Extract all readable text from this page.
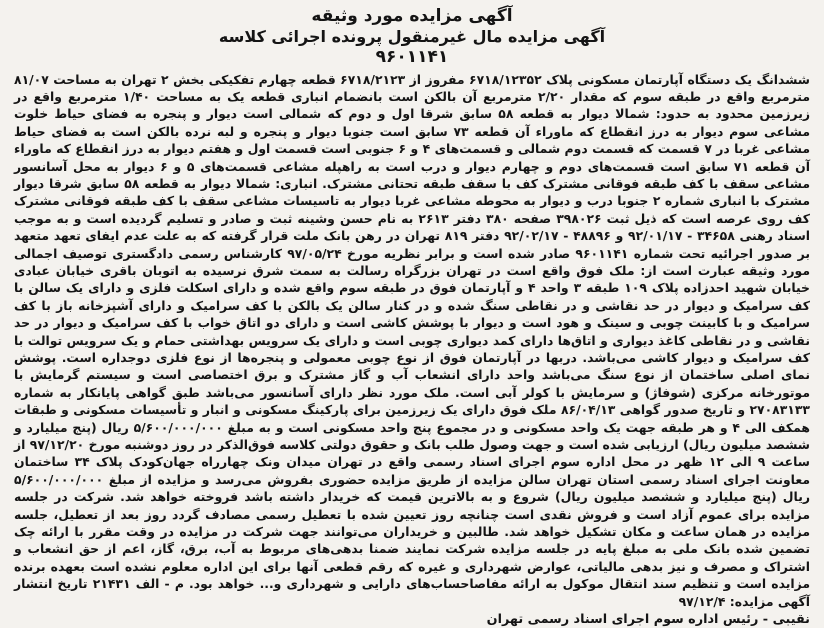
آگهی مزایده مورد وثیقه

آگهی مزایده مال غیرمنقول پرونده اجرائی کلاسه

۹۶۰۱۱۴۱

ششدانگ یک دستگاه آپارتمان مسکونی پلاک ۶۷۱۸/۱۲۳۵۲ مفروز از ۶۷۱۸/۲۱۲۳ قطعه چهارم تفکیکی بخش ۲ تهران به مساحت ۸۱/۰۷ مترمربع واقع در طبقه سوم که مقدار ۲/۲۰ مترمربع آن بالکن است بانضمام انباری قطعه یک به مساحت ۱/۴۰ مترمربع واقع در زیرزمین محدود به حدود: شمالا دیوار به قطعه ۵۸ سابق شرقا اول و دوم که شمالی است دیوار و پنجره به فضای حیاط خلوت مشاعی سوم دیوار به درز انقطاع که ماوراء آن قطعه ۷۳ سابق است جنوبا دیوار و پنجره و لبه نرده بالکن است به فضای حیاط مشاعی غربا در ۷ قسمت که قسمت دوم شمالی و قسمت‌های ۴ و ۶ جنوبی است قسمت اول و هفتم دیوار به درز انقطاع که ماوراء آن قطعه ۷۱ سابق است قسمت‌های دوم و چهارم دیوار و درب است به راهپله مشاعی قسمت‌های ۵ و ۶ دیوار به محل آسانسور مشاعی سقف با کف طبقه فوقانی مشترک کف با سقف طبقه تحتانی مشترک. انباری: شمالا دیوار به قطعه ۵۸ سابق شرقا دیوار مشترک با انباری شماره ۲ جنوبا درب و دیوار به محوطه مشاعی غربا دیوار به تاسیسات مشاعی سقف با کف طبقه فوقانی مشترک کف روی عرصه است که ذیل ثبت ۳۹۸۰۲۶ صفحه ۳۸۰ دفتر ۲۶۱۳ به نام حسن وشینه ثبت و صادر و تسلیم گردیده است و به موجب اسناد رهنی ۳۴۶۵۸ - ۹۲/۰۱/۱۷ و ۴۸۸۹۶ - ۹۲/۰۲/۱۷ دفتر ۸۱۹ تهران در رهن بانک ملت قرار گرفته که به علت عدم ایفای تعهد متعهد بر صدور اجرائیه تحت شماره ۹۶۰۱۱۴۱ صادر شده است و برابر نظریه مورخ ۹۷/۰۵/۲۴ کارشناس رسمی دادگستری توصیف اجمالی مورد وثیقه عبارت است از: ملک فوق واقع است در تهران بزرگراه رسالت به سمت شرق نرسیده به اتوبان باقری خیابان عبادی خیابان شهید احدزاده پلاک ۱۰۹ طبقه ۳ واحد ۴ و آپارتمان فوق در طبقه سوم واقع شده و دارای اسکلت فلزی و دارای یک سالن با کف سرامیک و دیوار در حد نقاشی و در نقاطی سنگ شده و در کنار سالن یک بالکن با کف سرامیک و دارای آشپزخانه باز با کف سرامیک و با کابینت چوبی و سینک و هود است و دیوار با پوشش کاشی است و دارای دو اتاق خواب با کف سرامیک و دیوار در حد نقاشی و در نقاطی کاغذ دیواری و اتاق‌ها دارای کمد دیواری چوبی است و دارای یک سرویس بهداشتی حمام و یک سرویس توالت با کف سرامیک و دیوار کاشی می‌باشد. دربها در آپارتمان فوق از نوع چوبی معمولی و پنجره‌ها از نوع فلزی دوجداره است. پوشش نمای اصلی ساختمان از نوع سنگ می‌باشد واحد دارای انشعاب آب و گاز مشترک و برق اختصاصی است و سیستم گرمایش با موتورخانه مرکزی (شوفاژ) و سرمایش با کولر آبی است. ملک مورد نظر دارای آسانسور می‌باشد طبق گواهی پایانکار به شماره ۲۷۰۸۳۱۳۳ و تاریخ صدور گواهی ۸۶/۰۴/۱۳ ملک فوق دارای یک زیرزمین برای پارکینگ مسکونی و انبار و تأسیسات مسکونی و طبقات همکف الی ۴ و هر طبقه جهت یک واحد مسکونی و در مجموع پنج واحد مسکونی است و به مبلغ ۵/۶۰۰/۰۰۰/۰۰۰ ریال (پنج میلیارد و ششصد میلیون ریال) ارزیابی شده است و جهت وصول طلب بانک و حقوق دولتی کلاسه فوق‌الذکر در روز دوشنبه مورخ ۹۷/۱۲/۲۰ از ساعت ۹ الی ۱۲ ظهر در محل اداره سوم اجرای اسناد رسمی واقع در تهران میدان ونک چهارراه جهان‌کودک پلاک ۳۴ ساختمان معاونت اجرای اسناد رسمی استان تهران سالن مزایده از طریق مزایده حضوری بفروش می‌رسد و مزایده از مبلغ ۵/۶۰۰/۰۰۰/۰۰۰ ریال (پنج میلیارد و ششصد میلیون ریال) شروع و به بالاترین قیمت که خریدار داشته باشد فروخته خواهد شد. شرکت در جلسه مزایده برای عموم آزاد است و فروش نقدی است چنانچه روز تعیین شده با تعطیل رسمی مصادف گردد روز بعد از تعطیل، جلسه مزایده در همان ساعت و مکان تشکیل خواهد شد. طالبین و خریداران می‌توانند جهت شرکت در مزایده در وقت مقرر با ارائه چک تضمین شده بانک ملی به مبلغ پایه در جلسه مزایده شرکت نمایند ضمنا بدهی‌های مربوط به آب، برق، گاز، اعم از حق انشعاب و اشتراک و مصرف و نیز بدهی مالیاتی، عوارض شهرداری و غیره که رقم قطعی آنها برای این اداره معلوم نشده است بعهده برنده مزایده است و تنظیم سند انتقال موکول به ارائه مفاصاحساب‌های دارایی و شهرداری و... خواهد بود. م - الف ۲۱۴۳۱ تاریخ انتشار آگهی مزایده: ۹۷/۱۲/۴

نقیبی - رئیس اداره سوم اجرای اسناد رسمی تهران
